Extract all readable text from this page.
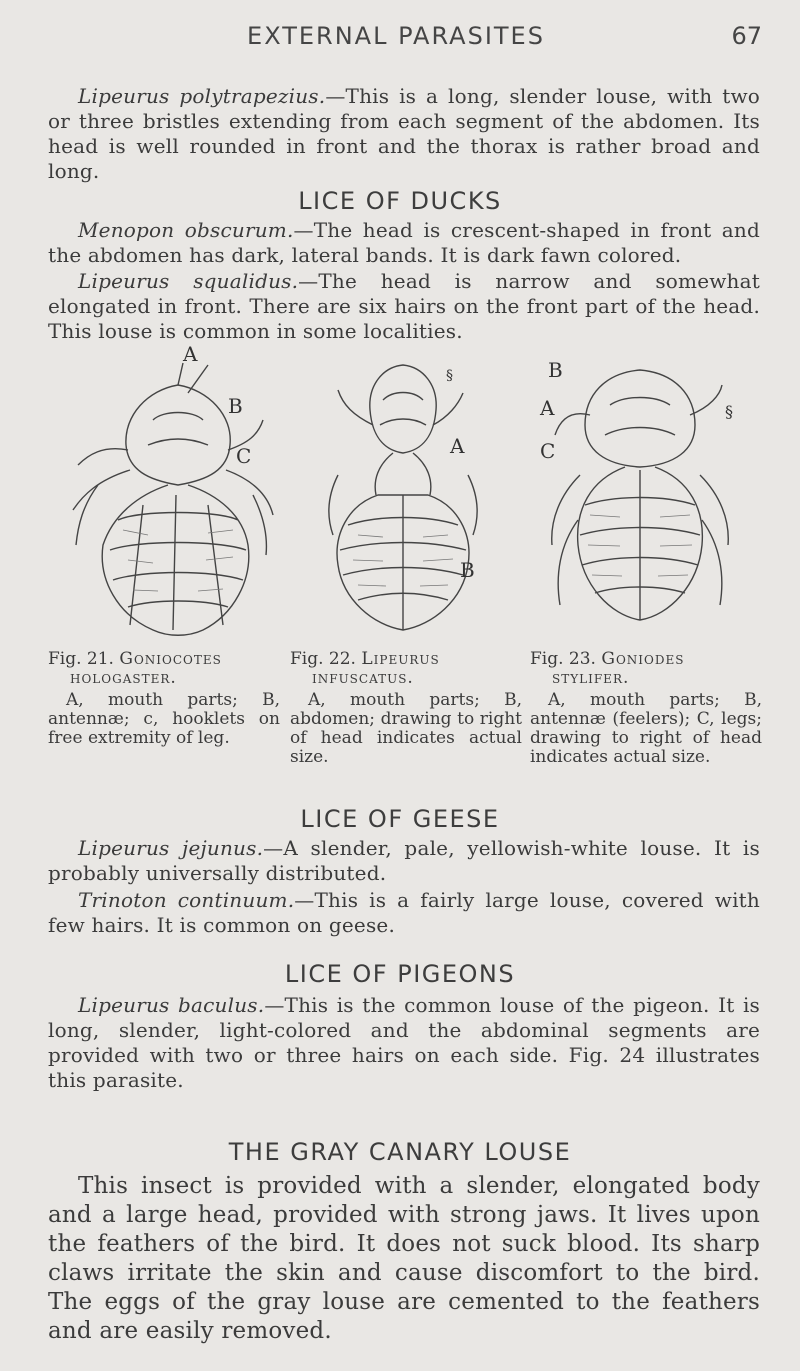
EXTERNAL PARASITES	67

Lipeurus polytrapezius.—This is a long, slender louse, with two or three bristles extending from each segment of the abdomen. Its head is well rounded in front and the thorax is rather broad and long.

LICE OF DUCKS

Menopon obscurum.—The head is crescent-shaped in front and the abdomen has dark, lateral bands. It is dark fawn colored.

Lipeurus squalidus.—The head is narrow and somewhat elongated in front. There are six hairs on the front part of the head. This louse is common in some localities.

A
B
C
§
A
B
B
A
C
§

Fig. 21. Goniocotes hologaster.

A, mouth parts; B, antennæ; c, hooklets on free extremity of leg.

Fig. 22. Lipeurus infuscatus.

A, mouth parts; B, abdomen; drawing to right of head indicates actual size.

Fig. 23. Goniodes stylifer.

A, mouth parts; B, antennæ (feelers); C, legs; drawing to right of head indicates actual size.

LICE OF GEESE

Lipeurus jejunus.—A slender, pale, yellowish-white louse. It is probably universally distributed.

Trinoton continuum.—This is a fairly large louse, covered with few hairs. It is common on geese.

LICE OF PIGEONS

Lipeurus baculus.—This is the common louse of the pigeon. It is long, slender, light-colored and the abdominal segments are provided with two or three hairs on each side. Fig. 24 illustrates this parasite.

THE GRAY CANARY LOUSE

This insect is provided with a slender, elongated body and a large head, provided with strong jaws. It lives upon the feathers of the bird. It does not suck blood. Its sharp claws irritate the skin and cause discomfort to the bird. The eggs of the gray louse are cemented to the feathers and are easily removed.
